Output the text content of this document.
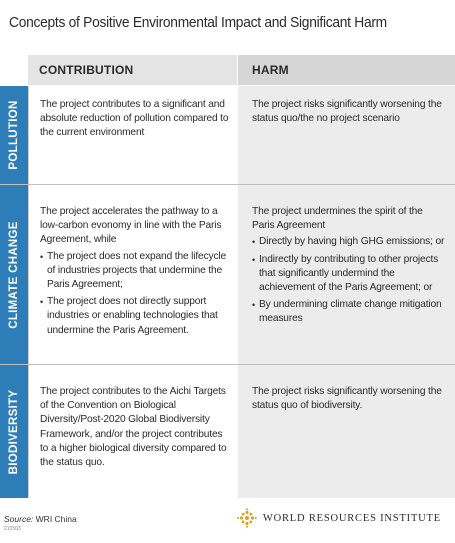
Concepts of Positive Environmental Impact and Significant Harm
CONTRIBUTION	HARM
POLLUTION The project contributes to a significant and absolute reduction of pollution compared to the current environment

The project risks significantly worsening the status quo/the no project scenario

CLIMATE CHANGE

The project accelerates the pathway to a low-carbon evonomy in line with the Paris Agreement, while

• The project does not expand the lifecycle of industries projects that undermine the Paris Agreement;
• The project does not directly support industries or enabling technologies that undermine the Paris Agreement.

The project undermines the spirit of the Paris Agreement

• Directly by having high GHG emissions; or
• Indirectly by contributing to other projects that significantly undermind the achievement of the Paris Agreement; or
• By undermining climate change mitigation measures
BIODIVERSITY The project contributes to the Aichi Targets of the Convention on Biological Diversity/Post-2020 Global Biodiversity Framework, and/or the project contributes to a higher biological diversity compared to the status quo.

The project risks significantly worsening the status quo of biodiversity.

Source: WRI China
210503
WORLD RESOURCES INSTITUTE
